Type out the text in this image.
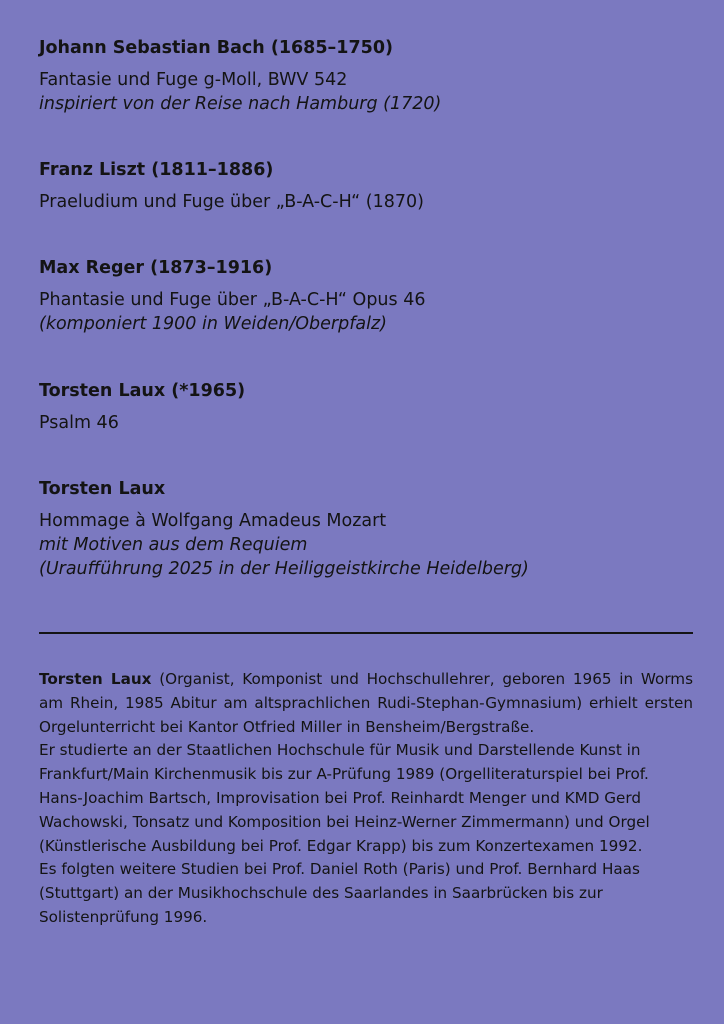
Johann Sebastian Bach (1685–1750)

Fantasie und Fuge g-Moll, BWV 542

inspiriert von der Reise nach Hamburg (1720)

Franz Liszt (1811–1886)

Praeludium und Fuge über „B-A-C-H“ (1870)

Max Reger (1873–1916)

Phantasie und Fuge über „B-A-C-H“ Opus 46

(komponiert 1900 in Weiden/Oberpfalz)

Torsten Laux (*1965)

Psalm 46

Torsten Laux

Hommage à Wolfgang Amadeus Mozart

mit Motiven aus dem Requiem

(Uraufführung 2025 in der Heiliggeistkirche Heidelberg)

Torsten Laux (Organist, Komponist und Hochschullehrer, geboren 1965 in Worms am Rhein, 1985 Abitur am altsprachlichen Rudi-Stephan-Gymnasium) erhielt ersten Orgelunterricht bei Kantor Otfried Miller in Bensheim/Bergstraße.

Er studierte an der Staatlichen Hochschule für Musik und Darstellende Kunst in Frankfurt/Main Kirchenmusik bis zur A-Prüfung 1989 (Orgelliteraturspiel bei Prof. Hans-Joachim Bartsch, Improvisation bei Prof. Reinhardt Menger und KMD Gerd Wachowski, Tonsatz und Komposition bei Heinz-Werner Zimmermann) und Orgel (Künstlerische Ausbildung bei Prof. Edgar Krapp) bis zum Konzertexamen 1992.

Es folgten weitere Studien bei Prof. Daniel Roth (Paris) und Prof. Bernhard Haas (Stuttgart) an der Musikhochschule des Saarlandes in Saarbrücken bis zur Solistenprüfung 1996.
